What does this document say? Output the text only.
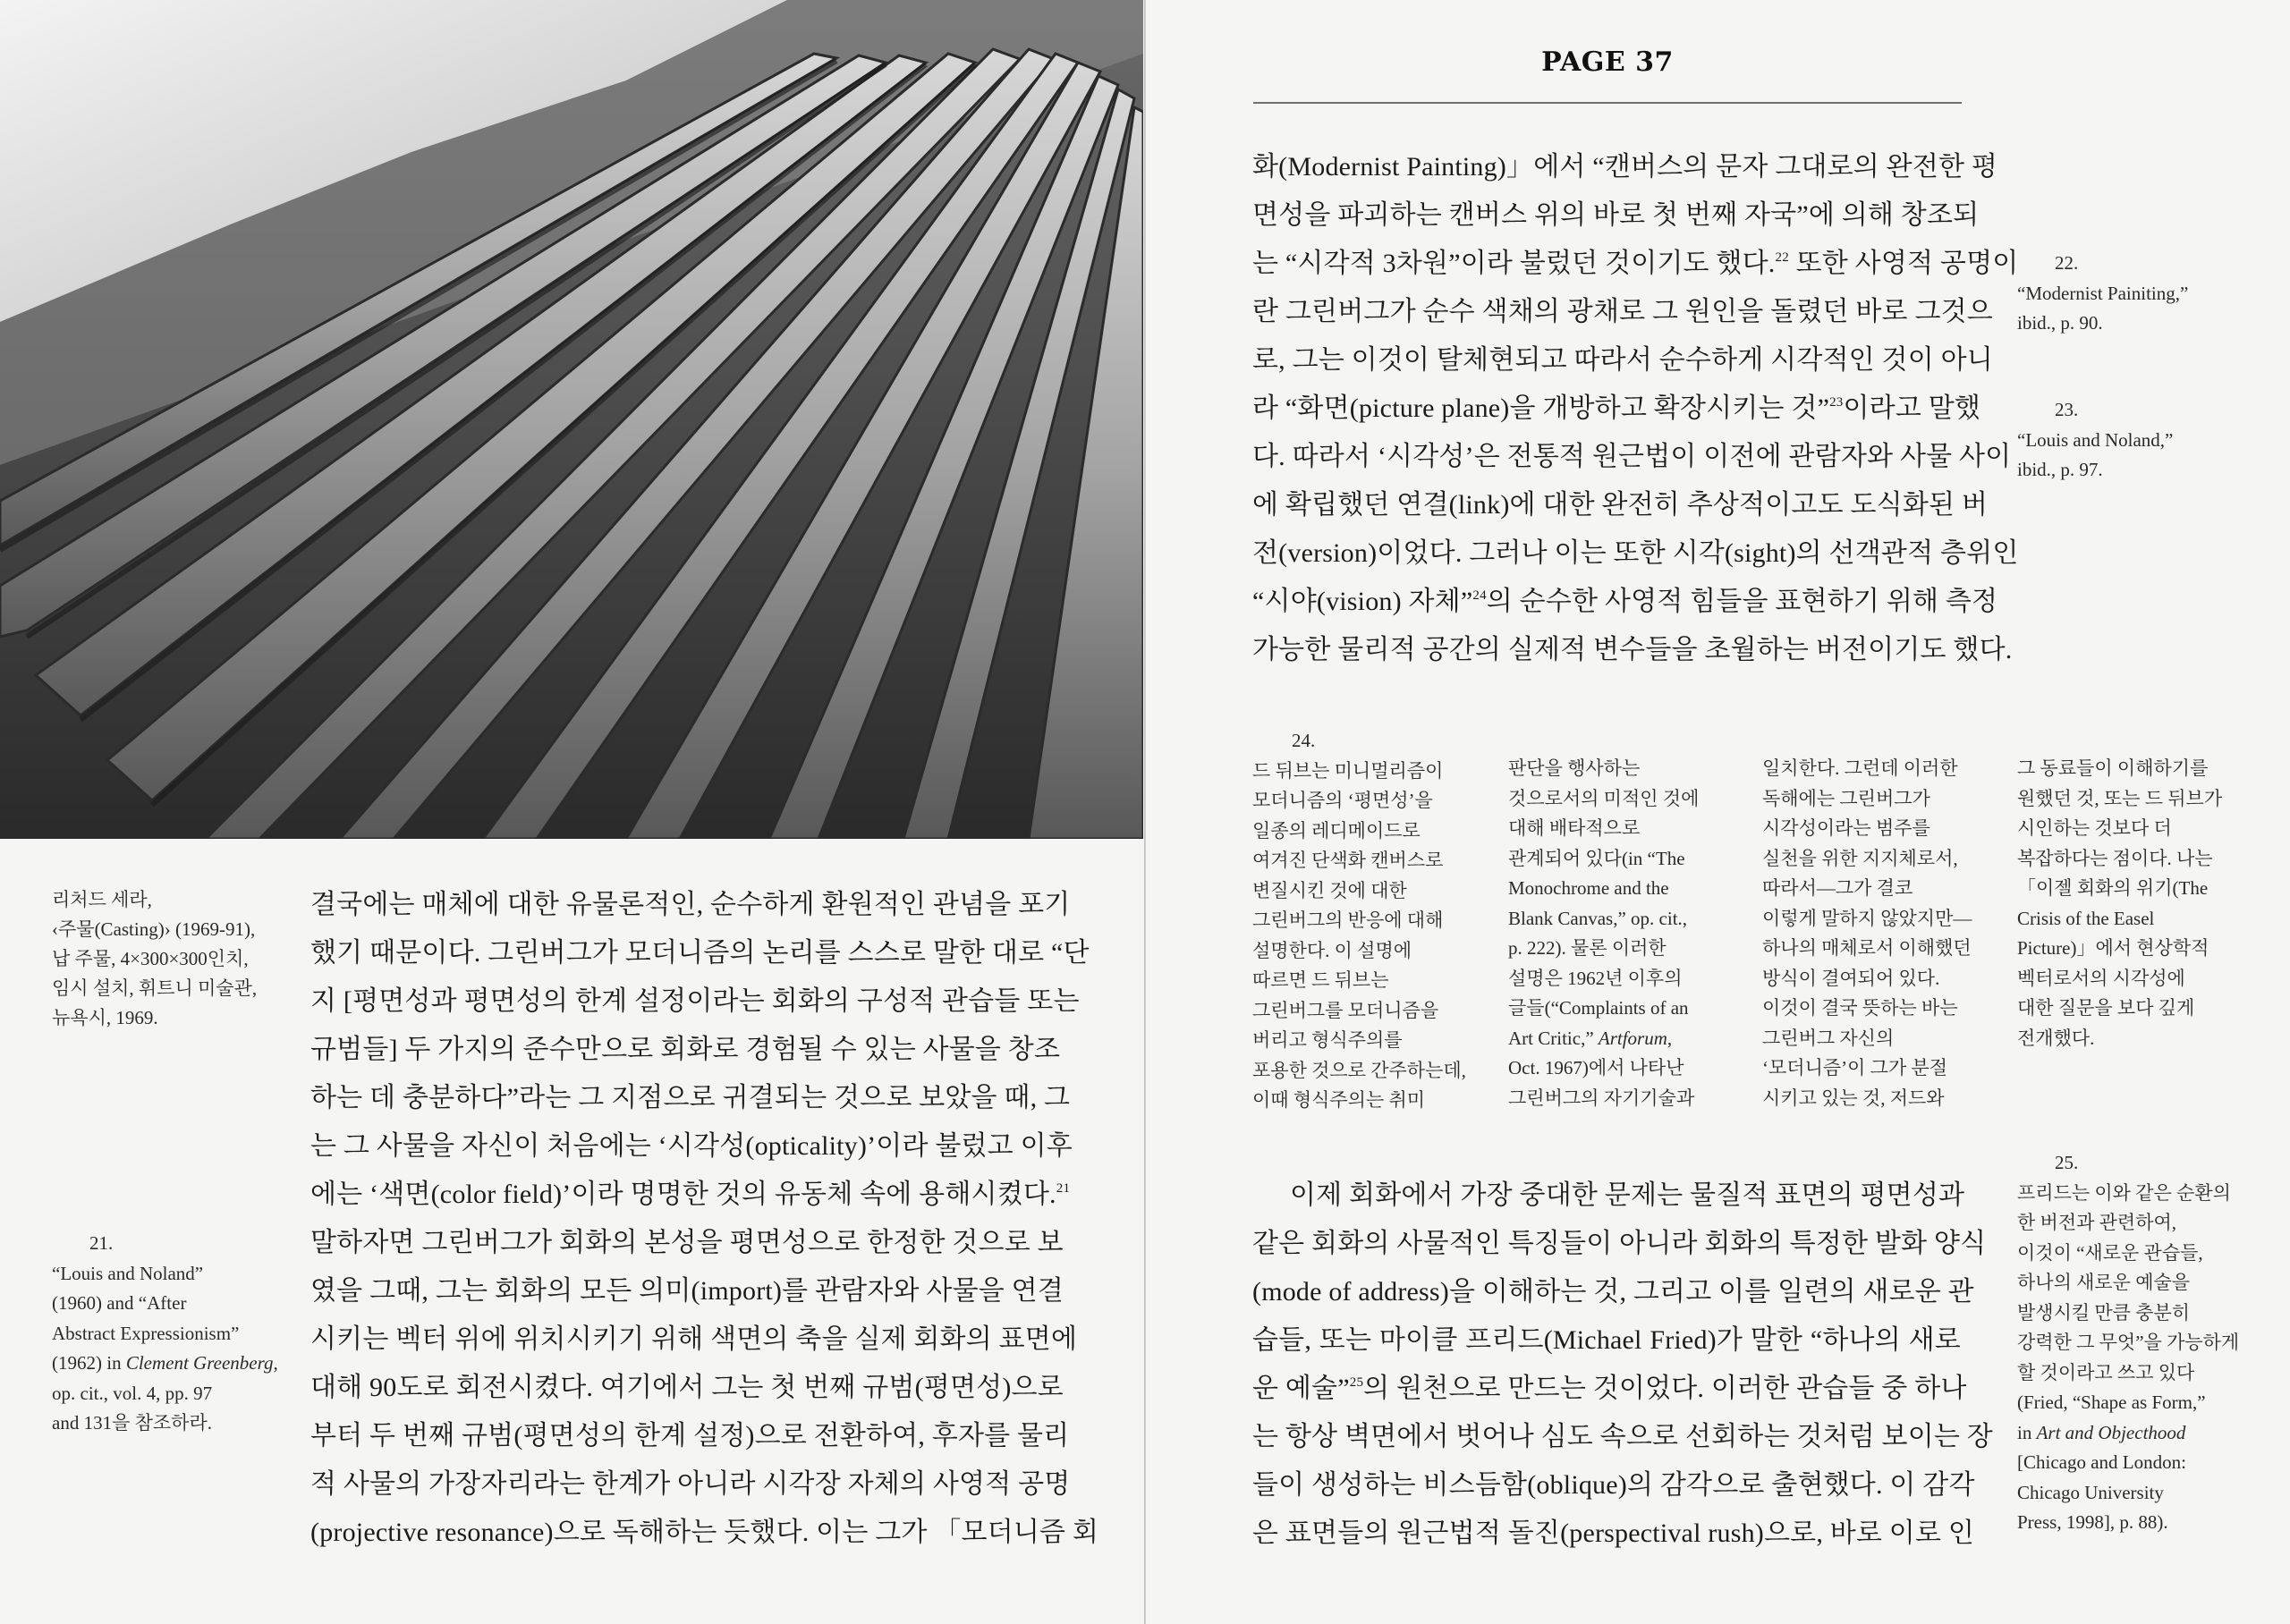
리처드 세라,

‹주물(Casting)› (1969-91),

납 주물, 4×300×300인치,

임시 설치, 휘트니 미술관,

뉴욕시, 1969.

21.
“Louis and Noland”
(1960) and “After
Abstract Expressionism”
(1962) in Clement Greenberg,
op. cit., vol. 4, pp. 97
and 131을 참조하라.
결국에는 매체에 대한 유물론적인, 순수하게 환원적인 관념을 포기
했기 때문이다. 그린버그가 모더니즘의 논리를 스스로 말한 대로 “단
지 [평면성과 평면성의 한계 설정이라는 회화의 구성적 관습들 또는
규범들] 두 가지의 준수만으로 회화로 경험될 수 있는 사물을 창조
하는 데 충분하다”라는 그 지점으로 귀결되는 것으로 보았을 때, 그
는 그 사물을 자신이 처음에는 ‘시각성(opticality)’이라 불렀고 이후
에는 ‘색면(color field)’이라 명명한 것의 유동체 속에 용해시켰다.$^{21}$
말하자면 그린버그가 회화의 본성을 평면성으로 한정한 것으로 보
였을 그때, 그는 회화의 모든 의미(import)를 관람자와 사물을 연결
시키는 벡터 위에 위치시키기 위해 색면의 축을 실제 회화의 표면에
대해 90도로 회전시켰다. 여기에서 그는 첫 번째 규범(평면성)으로
부터 두 번째 규범(평면성의 한계 설정)으로 전환하여, 후자를 물리
적 사물의 가장자리라는 한계가 아니라 시각장 자체의 사영적 공명
(projective resonance)으로 독해하는 듯했다. 이는 그가 「모더니즘 회
PAGE 37
화(Modernist Painting)」에서 “캔버스의 문자 그대로의 완전한 평
면성을 파괴하는 캔버스 위의 바로 첫 번째 자국”에 의해 창조되
는 “시각적 3차원”이라 불렀던 것이기도 했다.$^{22}$ 또한 사영적 공명이
란 그린버그가 순수 색채의 광채로 그 원인을 돌렸던 바로 그것으
로, 그는 이것이 탈체현되고 따라서 순수하게 시각적인 것이 아니
라 “화면(picture plane)을 개방하고 확장시키는 것”$^{23}$이라고 말했
다. 따라서 ‘시각성’은 전통적 원근법이 이전에 관람자와 사물 사이
에 확립했던 연결(link)에 대한 완전히 추상적이고도 도식화된 버
전(version)이었다. 그러나 이는 또한 시각(sight)의 선객관적 층위인
“시야(vision) 자체”$^{24}$의 순수한 사영적 힘들을 표현하기 위해 측정
가능한 물리적 공간의 실제적 변수들을 초월하는 버전이기도 했다.
22.
“Modernist Painiting,”
ibid., p. 90.
23.
“Louis and Noland,”
ibid., p. 97.
24.
드 뒤브는 미니멀리즘이
모더니즘의 ‘평면성’을
일종의 레디메이드로
여겨진 단색화 캔버스로
변질시킨 것에 대한
그린버그의 반응에 대해
설명한다. 이 설명에
따르면 드 뒤브는
그린버그를 모더니즘을
버리고 형식주의를
포용한 것으로 간주하는데,
이때 형식주의는 취미
판단을 행사하는
것으로서의 미적인 것에
대해 배타적으로
관계되어 있다(in “The
Monochrome and the
Blank Canvas,” op. cit.,
p. 222). 물론 이러한
설명은 1962년 이후의
글들(“Complaints of an
Art Critic,” Artforum,
Oct. 1967)에서 나타난
그린버그의 자기기술과
일치한다. 그런데 이러한
독해에는 그린버그가
시각성이라는 범주를
실천을 위한 지지체로서,
따라서—그가 결코
이렇게 말하지 않았지만—
하나의 매체로서 이해했던
방식이 결여되어 있다.
이것이 결국 뜻하는 바는
그린버그 자신의
‘모더니즘’이 그가 분절
시키고 있는 것, 저드와
그 동료들이 이해하기를
원했던 것, 또는 드 뒤브가
시인하는 것보다 더
복잡하다는 점이다. 나는
「이젤 회화의 위기(The
Crisis of the Easel
Picture)」에서 현상학적
벡터로서의 시각성에
대한 질문을 보다 깊게
전개했다.
이제 회화에서 가장 중대한 문제는 물질적 표면의 평면성과
같은 회화의 사물적인 특징들이 아니라 회화의 특정한 발화 양식
(mode of address)을 이해하는 것, 그리고 이를 일련의 새로운 관
습들, 또는 마이클 프리드(Michael Fried)가 말한 “하나의 새로
운 예술”$^{25}$의 원천으로 만드는 것이었다. 이러한 관습들 중 하나
는 항상 벽면에서 벗어나 심도 속으로 선회하는 것처럼 보이는 장
들이 생성하는 비스듬함(oblique)의 감각으로 출현했다. 이 감각
은 표면들의 원근법적 돌진(perspectival rush)으로, 바로 이로 인
25.
프리드는 이와 같은 순환의
한 버전과 관련하여,
이것이 “새로운 관습들,
하나의 새로운 예술을
발생시킬 만큼 충분히
강력한 그 무엇”을 가능하게
할 것이라고 쓰고 있다
(Fried, “Shape as Form,”
in Art and Objecthood
[Chicago and London:
Chicago University
Press, 1998], p. 88).
